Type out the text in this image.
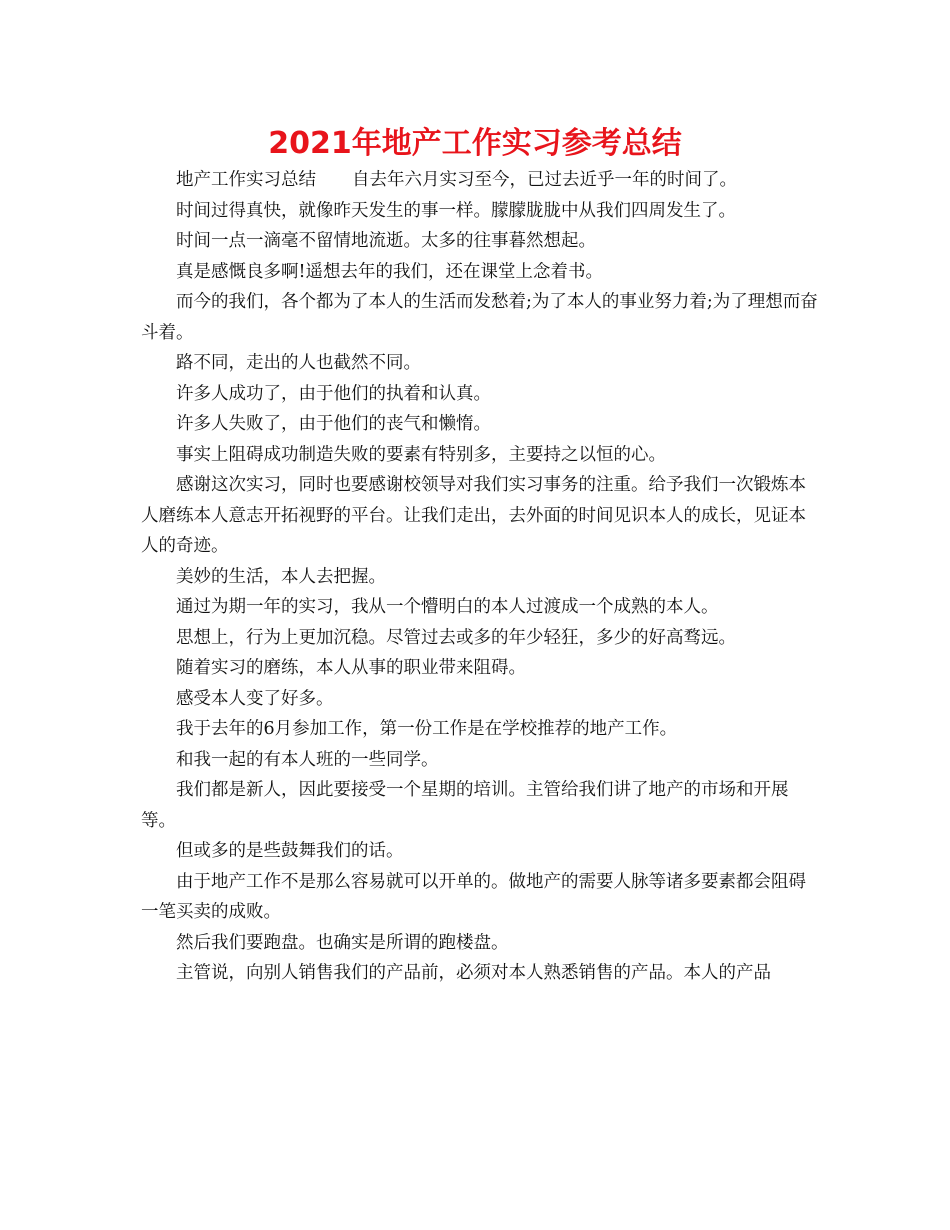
2021年地产工作实习参考总结

地产工作实习总结 自去年六月实习至今，已过去近乎一年的时间了。

时间过得真快，就像昨天发生的事一样。朦朦胧胧中从我们四周发生了。

时间一点一滴毫不留情地流逝。太多的往事暮然想起。

真是感慨良多啊!遥想去年的我们，还在课堂上念着书。

而今的我们，各个都为了本人的生活而发愁着;为了本人的事业努力着;为了理想而奋斗着。

路不同，走出的人也截然不同。

许多人成功了，由于他们的执着和认真。

许多人失败了，由于他们的丧气和懒惰。

事实上阻碍成功制造失败的要素有特别多，主要持之以恒的心。

感谢这次实习，同时也要感谢校领导对我们实习事务的注重。给予我们一次锻炼本人磨练本人意志开拓视野的平台。让我们走出，去外面的时间见识本人的成长，见证本人的奇迹。

美妙的生活，本人去把握。

通过为期一年的实习，我从一个懵明白的本人过渡成一个成熟的本人。

思想上，行为上更加沉稳。尽管过去或多的年少轻狂，多少的好高骛远。

随着实习的磨练，本人从事的职业带来阻碍。

感受本人变了好多。

我于去年的6月参加工作，第一份工作是在学校推荐的地产工作。

和我一起的有本人班的一些同学。

我们都是新人，因此要接受一个星期的培训。主管给我们讲了地产的市场和开展等。

但或多的是些鼓舞我们的话。

由于地产工作不是那么容易就可以开单的。做地产的需要人脉等诸多要素都会阻碍一笔买卖的成败。

然后我们要跑盘。也确实是所谓的跑楼盘。

主管说，向别人销售我们的产品前，必须对本人熟悉销售的产品。本人的产品
